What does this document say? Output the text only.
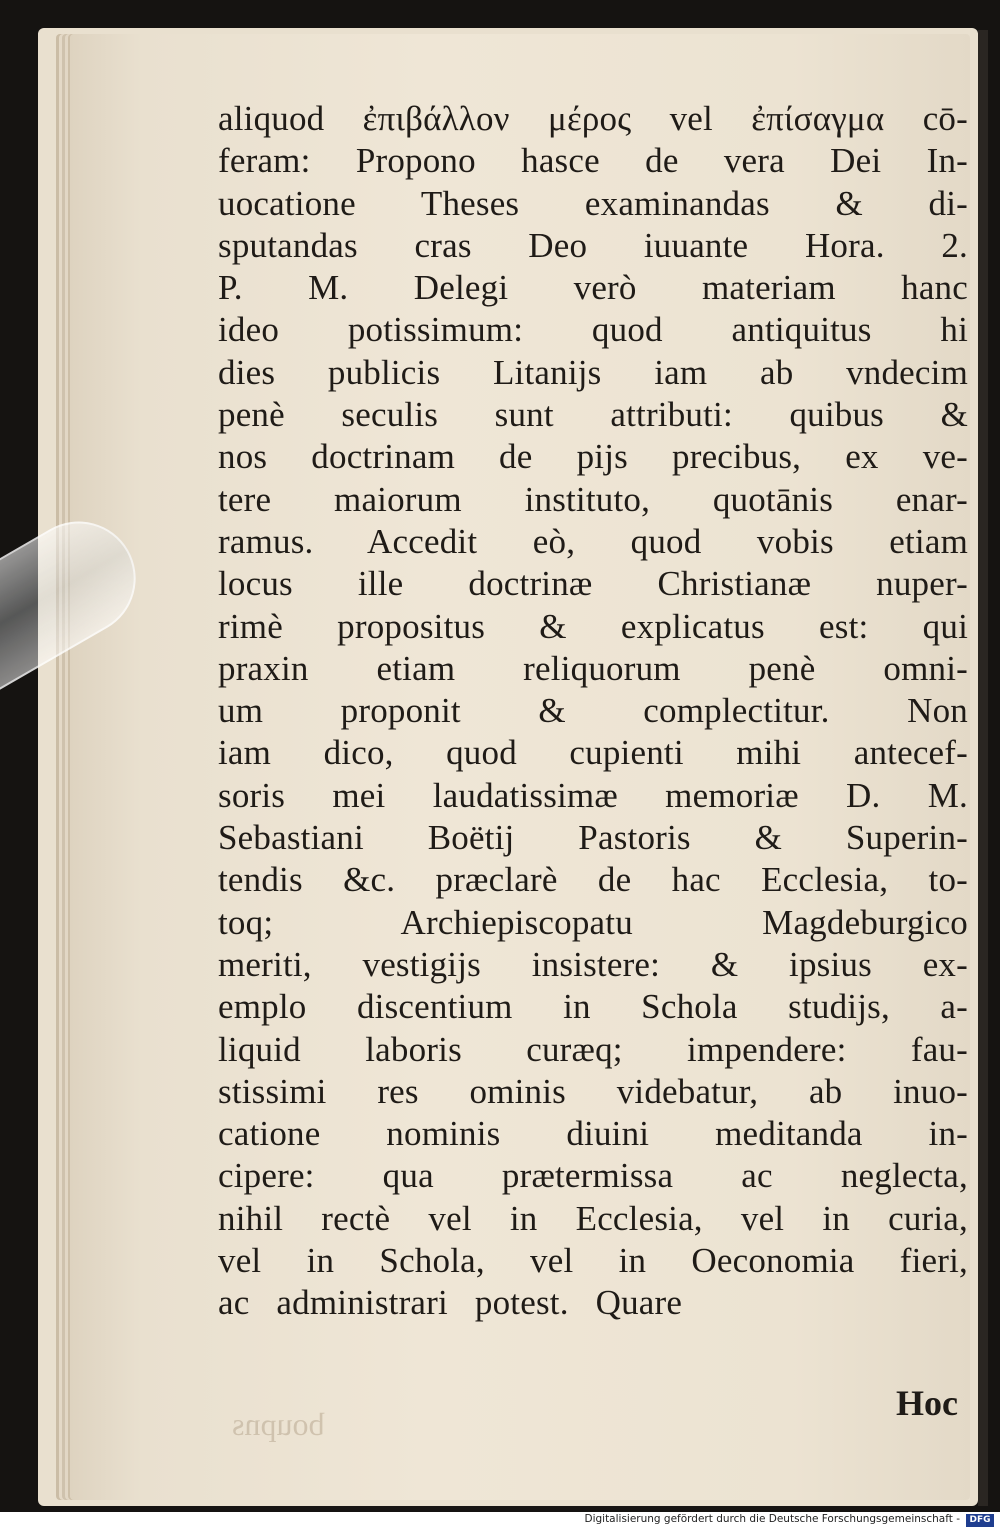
aliquod ἐπιβάλλον μέρος vel ἐπίσαγμα cō-
feram: Propono hasce de vera Dei In-
uocatione Theses examinandas & di-
sputandas cras Deo iuuante Hora. 2.
P. M. Delegi verò materiam hanc
ideo potissimum: quod antiquitus hi
dies publicis Litanijs iam ab vndecim
penè seculis sunt attributi: quibus &
nos doctrinam de pijs precibus, ex ve-
tere maiorum instituto, quotānis enar-
ramus. Accedit eò, quod vobis etiam
locus ille doctrinæ Christianæ nuper-
rimè propositus & explicatus est: qui
praxin etiam reliquorum penè omni-
um proponit & complectitur. Non
iam dico, quod cupienti mihi antecef-
soris mei laudatissimæ memoriæ D. M.
Sebastiani Boëtij Pastoris & Superin-
tendis &c. præclarè de hac Ecclesia, to-
toq; Archiepiscopatu Magdeburgico
meriti, vestigijs insistere: & ipsius ex-
emplo discentium in Schola studijs, a-
liquid laboris curæq; impendere: fau-
stissimi res ominis videbatur, ab inuo-
catione nominis diuini meditanda in-
cipere: qua prætermissa ac neglecta,
nihil rectè vel in Ecclesia, vel in curia,
vel in Schola, vel in Oeconomia fieri,
ac administrari potest. Quare
Hoc
boupns
Digitalisierung gefördert durch die Deutsche Forschungsgemeinschaft -	DFG
